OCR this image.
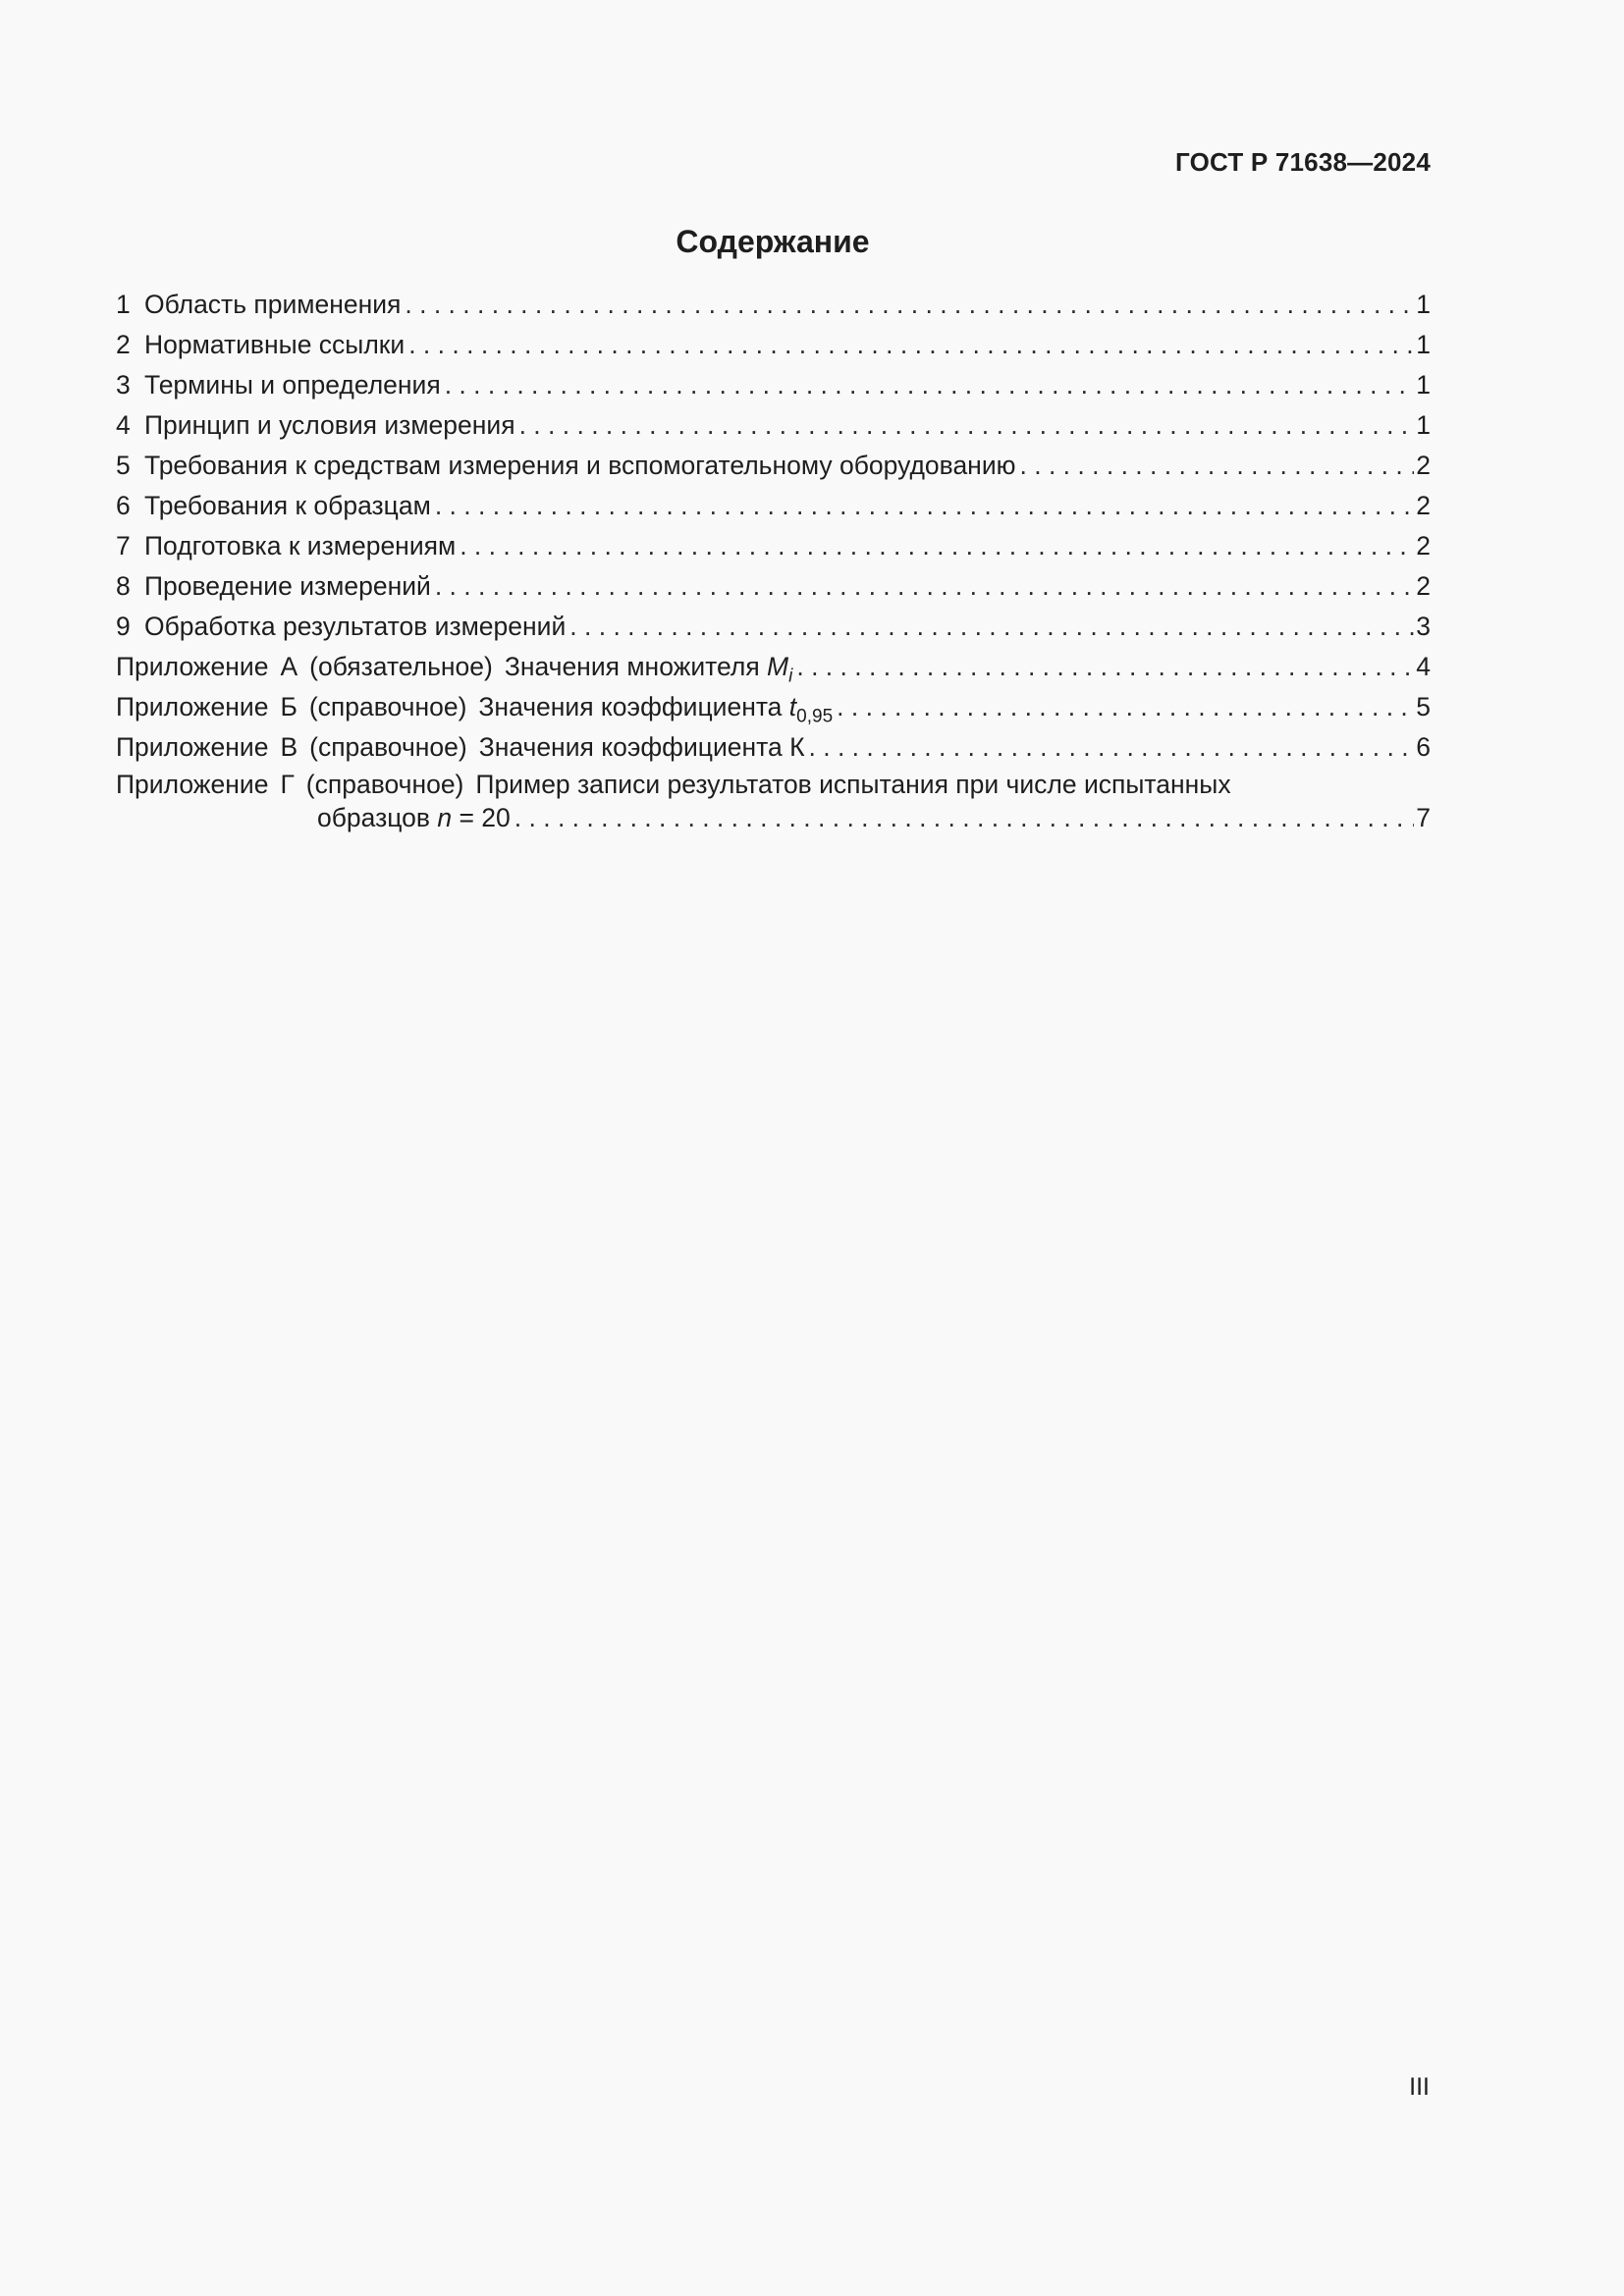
ГОСТ Р 71638—2024
Содержание
1 Область применения . . .	1
2 Нормативные ссылки . . .	1
3 Термины и определения . . .	1
4 Принцип и условия измерения . . .	1
5 Требования к средствам измерения и вспомогательному оборудованию . . .	2
6 Требования к образцам . . .	2
7 Подготовка к измерениям . . .	2
8 Проведение измерений . . .	2
9 Обработка результатов измерений . . .	3
Приложение А (обязательное) Значения множителя $M_i$ . . .	4
Приложение Б (справочное) Значения коэффициента $t_{0,95}$ . . .	5
Приложение В (справочное) Значения коэффициента К . . .	6
Приложение Г (справочное) Пример записи результатов испытания при числе испытанных
образцов n = 20 . . .	7
III
